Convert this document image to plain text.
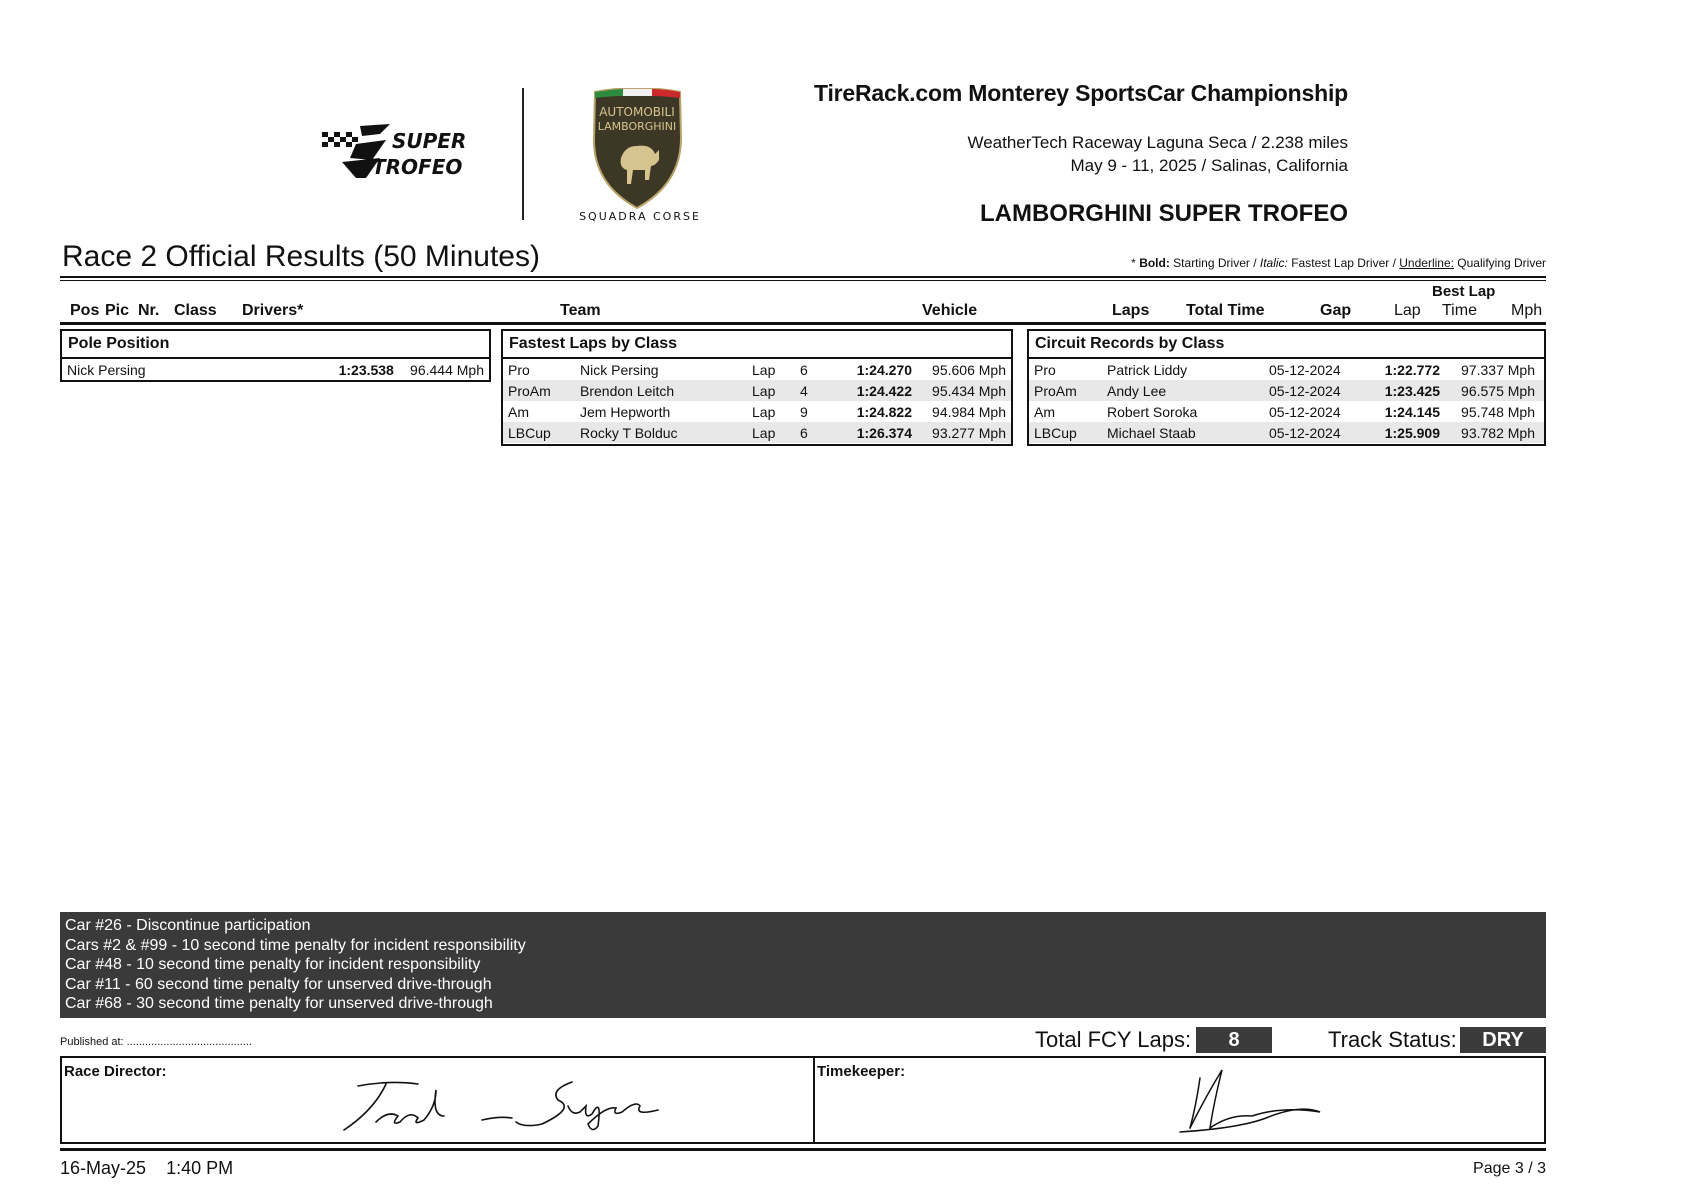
SUPER
TROFEO
AUTOMOBILI
LAMBORGHINI
SQUADRA CORSE
TireRack.com Monterey SportsCar Championship
WeatherTech Raceway Laguna Seca / 2.238 miles
May 9 - 11, 2025 / Salinas, California
LAMBORGHINI SUPER TROFEO
Race 2 Official Results (50 Minutes)	* Bold: Starting Driver / Italic: Fastest Lap Driver / Underline: Qualifying Driver
Pos Pic Nr. Class Drivers*	Team	Vehicle	Laps Total Time	Gap
Best Lap
Lap Time Mph
Pole Position
Nick Persing	1:23.538	96.444 Mph
Fastest Laps by Class
Pro	Nick Persing	Lap	6	1:24.270	95.606 Mph
ProAm	Brendon Leitch	Lap	4	1:24.422	95.434 Mph
Am	Jem Hepworth	Lap	9	1:24.822	94.984 Mph
LBCup	Rocky T Bolduc	Lap	6	1:26.374	93.277 Mph
Circuit Records by Class
Pro	Patrick Liddy	05-12-2024	1:22.772	97.337 Mph
ProAm	Andy Lee	05-12-2024	1:23.425	96.575 Mph
Am	Robert Soroka	05-12-2024	1:24.145	95.748 Mph
LBCup	Michael Staab	05-12-2024	1:25.909	93.782 Mph
Car #26 - Discontinue participation
Cars #2 & #99 - 10 second time penalty for incident responsibility
Car #48 - 10 second time penalty for incident responsibility
Car #11 - 60 second time penalty for unserved drive-through
Car #68 - 30 second time penalty for unserved drive-through
Published at: .........................................	Total FCY Laps:	8	Track Status:	DRY
Race Director:	Timekeeper:
16-May-25 1:40 PM	Page 3 / 3
